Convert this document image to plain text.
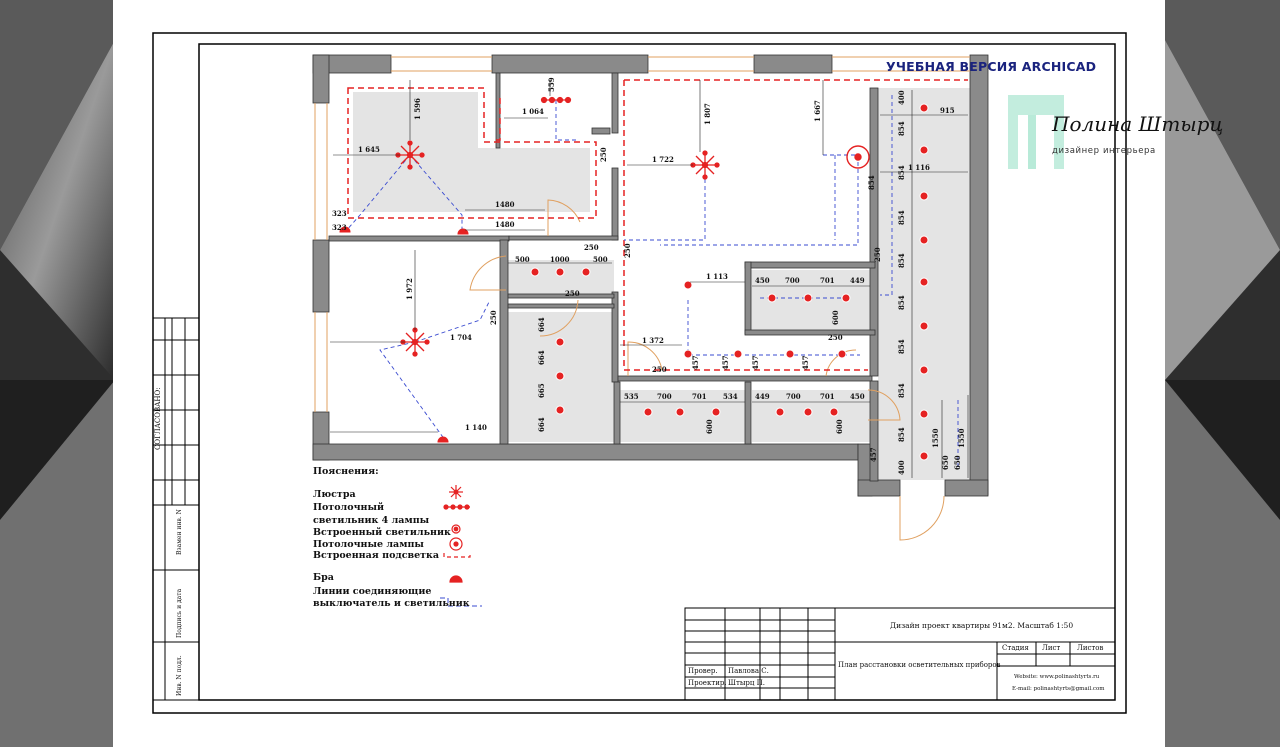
1 596
559
1 064
1 645	250
1480
1480
323
323
1 807
1 722
1 667
500	1000	500
250
250
1 972
250
1 704
664
664
665
664
1 140
1 113	450 700	701 449
600
250
1 372
250
535	700	701 534
600
449 700	701 450
600
400
915
854
1 116
854
854
854
854
854
854
854
854
1550 1550
650 650
400
457	457	457	457
457
250	250
СОГЛАСОВАНО:
Взамен инв. N
Подпись и дата
Инв. N подл.
УЧЕБНАЯ ВЕРСИЯ ARCHICAD
Полина Штырц
дизайнер интерьера
Пояснения:
Люстра
Потолочный
светильник 4 лампы
Встроенный светильник
Потолочные лампы
Встроенная подсветка
Бра
Линии соединяющие
выключатель и светильник
Дизайн проект квартиры 91м2. Масштаб 1:50
План расстановки осветительных приборов
Стадия Лист Листов
Провер. Павлова С.
Проектир. Штырц П.
Website: www.polinashtyrts.ru
E-mail: polinashtyrts@gmail.com
